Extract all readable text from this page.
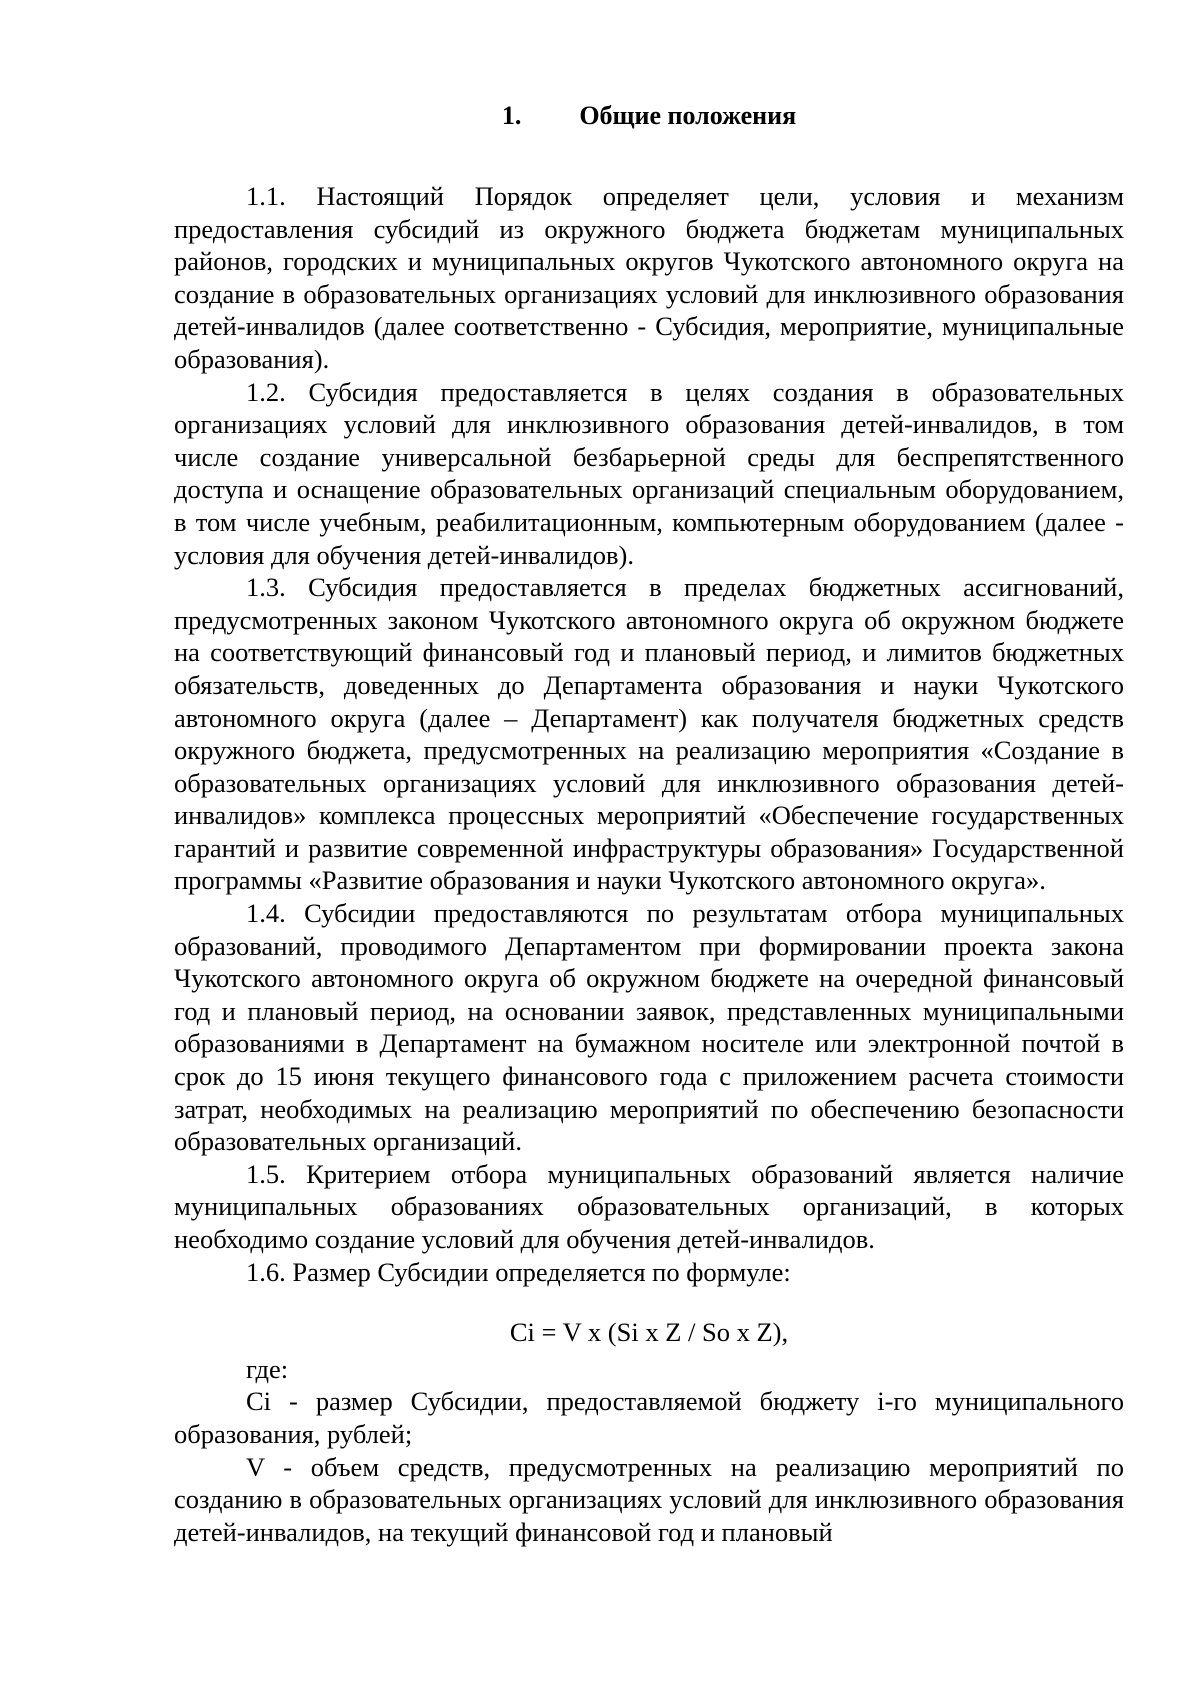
1. Общие положения

1.1. Настоящий Порядок определяет цели, условия и механизм предоставления субсидий из окружного бюджета бюджетам муниципальных районов, городских и муниципальных округов Чукотского автономного округа на создание в образовательных организациях условий для инклюзивного образования детей-инвалидов (далее соответственно - Субсидия, мероприятие, муниципальные образования).

1.2. Субсидия предоставляется в целях создания в образовательных организациях условий для инклюзивного образования детей-инвалидов, в том числе создание универсальной безбарьерной среды для беспрепятственного доступа и оснащение образовательных организаций специальным оборудованием, в том числе учебным, реабилитационным, компьютерным оборудованием (далее - условия для обучения детей-инвалидов).

1.3. Субсидия предоставляется в пределах бюджетных ассигнований, предусмотренных законом Чукотского автономного округа об окружном бюджете на соответствующий финансовый год и плановый период, и лимитов бюджетных обязательств, доведенных до Департамента образования и науки Чукотского автономного округа (далее – Департамент) как получателя бюджетных средств окружного бюджета, предусмотренных на реализацию мероприятия «Создание в образовательных организациях условий для инклюзивного образования детей-инвалидов» комплекса процессных мероприятий «Обеспечение государственных гарантий и развитие современной инфраструктуры образования» Государственной программы «Развитие образования и науки Чукотского автономного округа».

1.4. Субсидии предоставляются по результатам отбора муниципальных образований, проводимого Департаментом при формировании проекта закона Чукотского автономного округа об окружном бюджете на очередной финансовый год и плановый период, на основании заявок, представленных муниципальными образованиями в Департамент на бумажном носителе или электронной почтой в срок до 15 июня текущего финансового года с приложением расчета стоимости затрат, необходимых на реализацию мероприятий по обеспечению безопасности образовательных организаций.

1.5. Критерием отбора муниципальных образований является наличие муниципальных образованиях образовательных организаций, в которых необходимо создание условий для обучения детей-инвалидов.

1.6. Размер Субсидии определяется по формуле:

Ci = V x (Si x Z / So x Z),

где:

Ci - размер Субсидии, предоставляемой бюджету i-го муниципального образования, рублей;

V - объем средств, предусмотренных на реализацию мероприятий по созданию в образовательных организациях условий для инклюзивного образования детей-инвалидов, на текущий финансовой год и плановый
